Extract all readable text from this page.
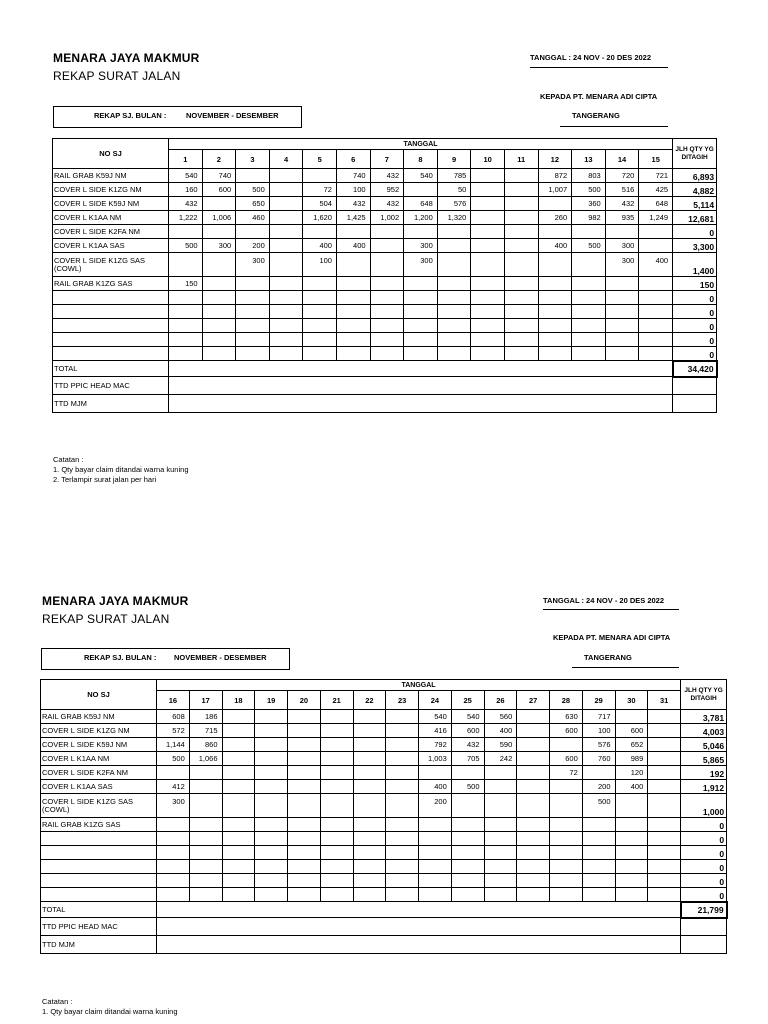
MENARA JAYA MAKMUR
REKAP SURAT JALAN
TANGGAL : 24 NOV - 20 DES 2022
KEPADA PT. MENARA ADI CIPTA
TANGERANG
REKAP SJ. BULAN :	NOVEMBER - DESEMBER
NO SJ	TANGGAL															JLH QTY YG DITAGIH
	1	2	3	4	5	6	7	8	9	10	11	12	13	14	15	
RAIL GRAB K59J NM	540	740				740	432	540	785			872	803	720	721	6,893
COVER L SIDE K1ZG NM	160	600	500		72	100	952		50			1,007	500	516	425	4,882
COVER L SIDE K59J NM	432		650		504	432	432	648	576				360	432	648	5,114
COVER L K1AA NM	1,222	1,006	460		1,620	1,425	1,002	1,200	1,320			260	982	935	1,249	12,681
COVER L SIDE K2FA NM																0
COVER L K1AA SAS	500	300	200		400	400		300				400	500	300		3,300
COVER L SIDE K1ZG SAS (COWL)			300		100			300						300	400	1,400
RAIL GRAB K1ZG SAS	150															150
																0
																0
																0
																0
																0
TOTAL																34,420
TTD PPIC HEAD MAC																
TTD MJM																
Catatan :
1. Qty bayar claim ditandai warna kuning
2. Terlampir surat jalan per hari
MENARA JAYA MAKMUR
REKAP SURAT JALAN
TANGGAL : 24 NOV - 20 DES 2022
KEPADA PT. MENARA ADI CIPTA
TANGERANG
REKAP SJ. BULAN : NOVEMBER - DESEMBER
NO SJ	TANGGAL																JLH QTY YG DITAGIH
	16	17	18	19	20	21	22	23	24	25	26	27	28	29	30	31	
RAIL GRAB K59J NM	608	186							540	540	560		630	717			3,781
COVER L SIDE K1ZG NM	572	715							416	600	400		600	100	600		4,003
COVER L SIDE K59J NM	1,144	860							792	432	590			576	652		5,046
COVER L K1AA NM	500	1,066							1,003	705	242		600	760	989		5,865
COVER L SIDE K2FA NM													72		120		192
COVER L K1AA SAS	412								400	500				200	400		1,912
COVER L SIDE K1ZG SAS (COWL)	300								200					500			1,000
RAIL GRAB K1ZG SAS																	0
																	0
																	0
																	0
																	0
																	0
TOTAL																	21,799
TTD PPIC HEAD MAC																	
TTD MJM																	
Catatan :
1. Qty bayar claim ditandai warna kuning
